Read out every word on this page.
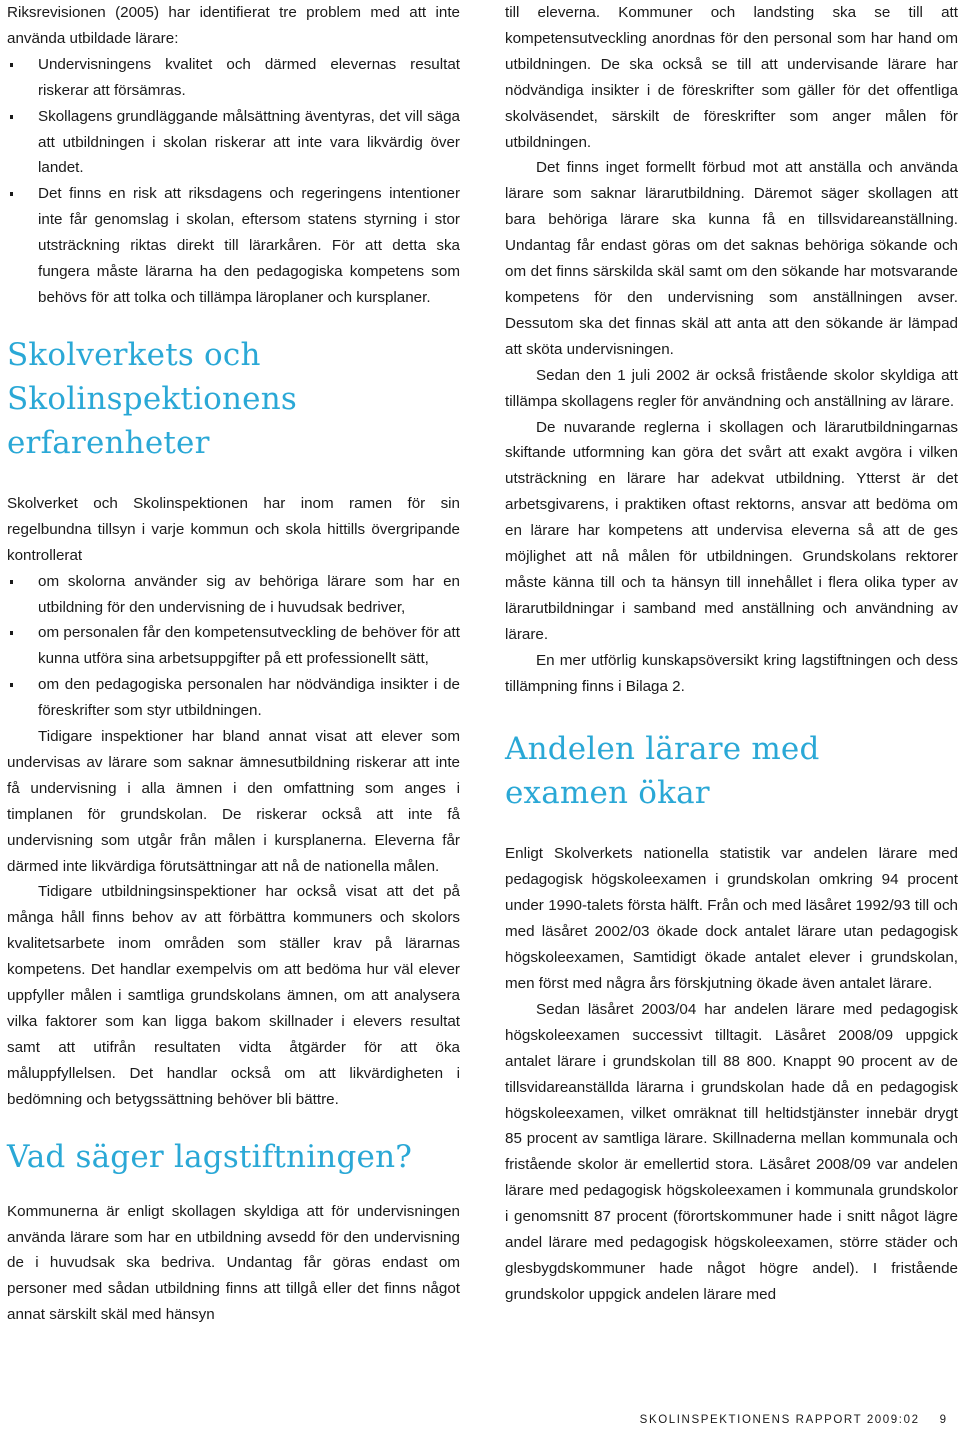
Riksrevisionen (2005) har identifierat tre problem med att inte använda utbildade lärare:

Undervisningens kvalitet och därmed elevernas resultat riskerar att försämras.
Skollagens grundläggande målsättning äventyras, det vill säga att utbildningen i skolan riskerar att inte vara likvärdig över landet.
Det finns en risk att riksdagens och regeringens intentioner inte får genomslag i skolan, eftersom statens styrning i stor utsträckning riktas direkt till lärarkåren. För att detta ska fungera måste lärarna ha den pedagogiska kompetens som behövs för att tolka och tillämpa läroplaner och kursplaner.
Skolverkets och Skolinspektionens erfarenheter

Skolverket och Skolinspektionen har inom ramen för sin regelbundna tillsyn i varje kommun och skola hittills övergripande kontrollerat

om skolorna använder sig av behöriga lärare som har en utbildning för den undervisning de i huvudsak bedriver,
om personalen får den kompetensutveckling de behöver för att kunna utföra sina arbetsuppgifter på ett professionellt sätt,
om den pedagogiska personalen har nödvändiga insikter i de föreskrifter som styr utbildningen.

Tidigare inspektioner har bland annat visat att elever som undervisas av lärare som saknar ämnesutbildning riskerar att inte få undervisning i alla ämnen i den omfattning som anges i timplanen för grundskolan. De riskerar också att inte få undervisning som utgår från målen i kursplanerna. Eleverna får därmed inte likvärdiga förutsättningar att nå de nationella målen.

Tidigare utbildningsinspektioner har också visat att det på många håll finns behov av att förbättra kommuners och skolors kvalitetsarbete inom områden som ställer krav på lärarnas kompetens. Det handlar exempelvis om att bedöma hur väl elever uppfyller målen i samtliga grundskolans ämnen, om att analysera vilka faktorer som kan ligga bakom skillnader i elevers resultat samt att utifrån resultaten vidta åtgärder för att öka måluppfyllelsen. Det handlar också om att likvärdigheten i bedömning och betygssättning behöver bli bättre.

Vad säger lagstiftningen?

Kommunerna är enligt skollagen skyldiga att för undervisningen använda lärare som har en utbildning avsedd för den undervisning de i huvudsak ska bedriva. Undantag får göras endast om personer med sådan utbildning finns att tillgå eller det finns något annat särskilt skäl med hänsyn

till eleverna. Kommuner och landsting ska se till att kompetensutveckling anordnas för den personal som har hand om utbildningen. De ska också se till att undervisande lärare har nödvändiga insikter i de föreskrifter som gäller för det offentliga skolväsendet, särskilt de föreskrifter som anger målen för utbildningen.

Det finns inget formellt förbud mot att anställa och använda lärare som saknar lärarutbildning. Däremot säger skollagen att bara behöriga lärare ska kunna få en tillsvidareanställning. Undantag får endast göras om det saknas behöriga sökande och om det finns särskilda skäl samt om den sökande har motsvarande kompetens för den undervisning som anställningen avser. Dessutom ska det finnas skäl att anta att den sökande är lämpad att sköta undervisningen.

Sedan den 1 juli 2002 är också fristående skolor skyldiga att tillämpa skollagens regler för användning och anställning av lärare.

De nuvarande reglerna i skollagen och lärarutbildningarnas skiftande utformning kan göra det svårt att exakt avgöra i vilken utsträckning en lärare har adekvat utbildning. Ytterst är det arbetsgivarens, i praktiken oftast rektorns, ansvar att bedöma om en lärare har kompetens att undervisa eleverna så att de ges möjlighet att nå målen för utbildningen. Grundskolans rektorer måste känna till och ta hänsyn till innehållet i flera olika typer av lärarutbildningar i samband med anställning och användning av lärare.

En mer utförlig kunskapsöversikt kring lagstiftningen och dess tillämpning finns i Bilaga 2.

Andelen lärare med examen ökar

Enligt Skolverkets nationella statistik var andelen lärare med pedagogisk högskoleexamen i grundskolan omkring 94 procent under 1990-talets första hälft. Från och med läsåret 1992/93 till och med läsåret 2002/03 ökade dock antalet lärare utan pedagogisk högskoleexamen, Samtidigt ökade antalet elever i grundskolan, men först med några års förskjutning ökade även antalet lärare.

Sedan läsåret 2003/04 har andelen lärare med pedagogisk högskoleexamen successivt tilltagit. Läsåret 2008/09 uppgick antalet lärare i grundskolan till 88 800. Knappt 90 procent av de tillsvidareanställda lärarna i grundskolan hade då en pedagogisk högskoleexamen, vilket omräknat till heltidstjänster innebär drygt 85 procent av samtliga lärare. Skillnaderna mellan kommunala och fristående skolor är emellertid stora. Läsåret 2008/09 var andelen lärare med pedagogisk högskoleexamen i kommunala grundskolor i genomsnitt 87 procent (förortskommuner hade i snitt något lägre andel lärare med pedagogisk högskoleexamen, större städer och glesbygdskommuner hade något högre andel). I fristående grundskolor uppgick andelen lärare med

SKOLINSPEKTIONENS RAPPORT 2009:02 9
